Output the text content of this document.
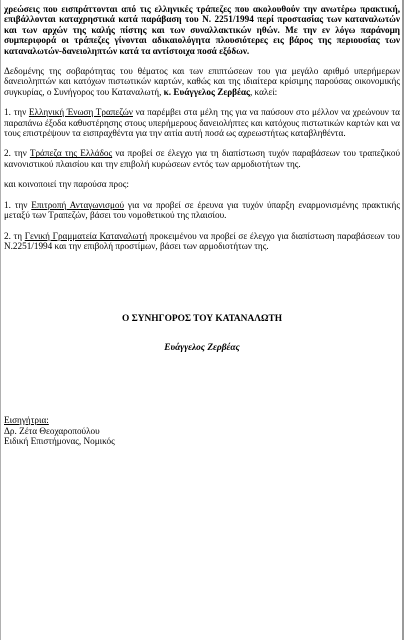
χρεώσεις που εισπράττονται από τις ελληνικές τράπεζες που ακολουθούν την ανωτέρω πρακτική, επιβάλλονται καταχρηστικά κατά παράβαση του Ν. 2251/1994 περί προστασίας των καταναλωτών και των αρχών της καλής πίστης και των συναλλακτικών ηθών. Με την εν λόγω παράνομη συμπεριφορά οι τράπεζες γίνονται αδικαιολόγητα πλουσιότερες εις βάρος της περιουσίας των καταναλωτών-δανειοληπτών κατά τα αντίστοιχα ποσά εξόδων.

Δεδομένης της σοβαρότητας του θέματος και των επιπτώσεων του για μεγάλο αριθμό υπερήμερων δανειοληπτών και κατόχων πιστωτικών καρτών, καθώς και της ιδιαίτερα κρίσιμης παρούσας οικονομικής συγκυρίας, ο Συνήγορος του Καταναλωτή, κ. Ευάγγελος Ζερβέας, καλεί:

1. την Ελληνική Ένωση Τραπεζών να παρέμβει στα μέλη της για να παύσουν στο μέλλον να χρεώνουν τα παραπάνω έξοδα καθυστέρησης στους υπερήμερους δανειολήπτες και κατόχους πιστωτικών καρτών και να τους επιστρέψουν τα εισπραχθέντα για την αιτία αυτή ποσά ως αχρεωστήτως καταβληθέντα.

2. την Τράπεζα της Ελλάδος να προβεί σε έλεγχο για τη διαπίστωση τυχόν παραβάσεων του τραπεζικού κανονιστικού πλαισίου και την επιβολή κυρώσεων εντός των αρμοδιοτήτων της.

και κοινοποιεί την παρούσα προς:

1. την Επιτροπή Ανταγωνισμού για να προβεί σε έρευνα για τυχόν ύπαρξη εναρμονισμένης πρακτικής μεταξύ των Τραπεζών, βάσει του νομοθετικού της πλαισίου.

2. τη Γενική Γραμματεία Καταναλωτή προκειμένου να προβεί σε έλεγχο για διαπίστωση παραβάσεων του Ν.2251/1994 και την επιβολή προστίμων, βάσει των αρμοδιοτήτων της.

Ο ΣΥΝΗΓΟΡΟΣ ΤΟΥ ΚΑΤΑΝΑΛΩΤΗ

Ευάγγελος Ζερβέας

Εισηγήτρια:
Δρ. Ζέτα Θεοχαροπούλου
Ειδική Επιστήμονας, Νομικός
